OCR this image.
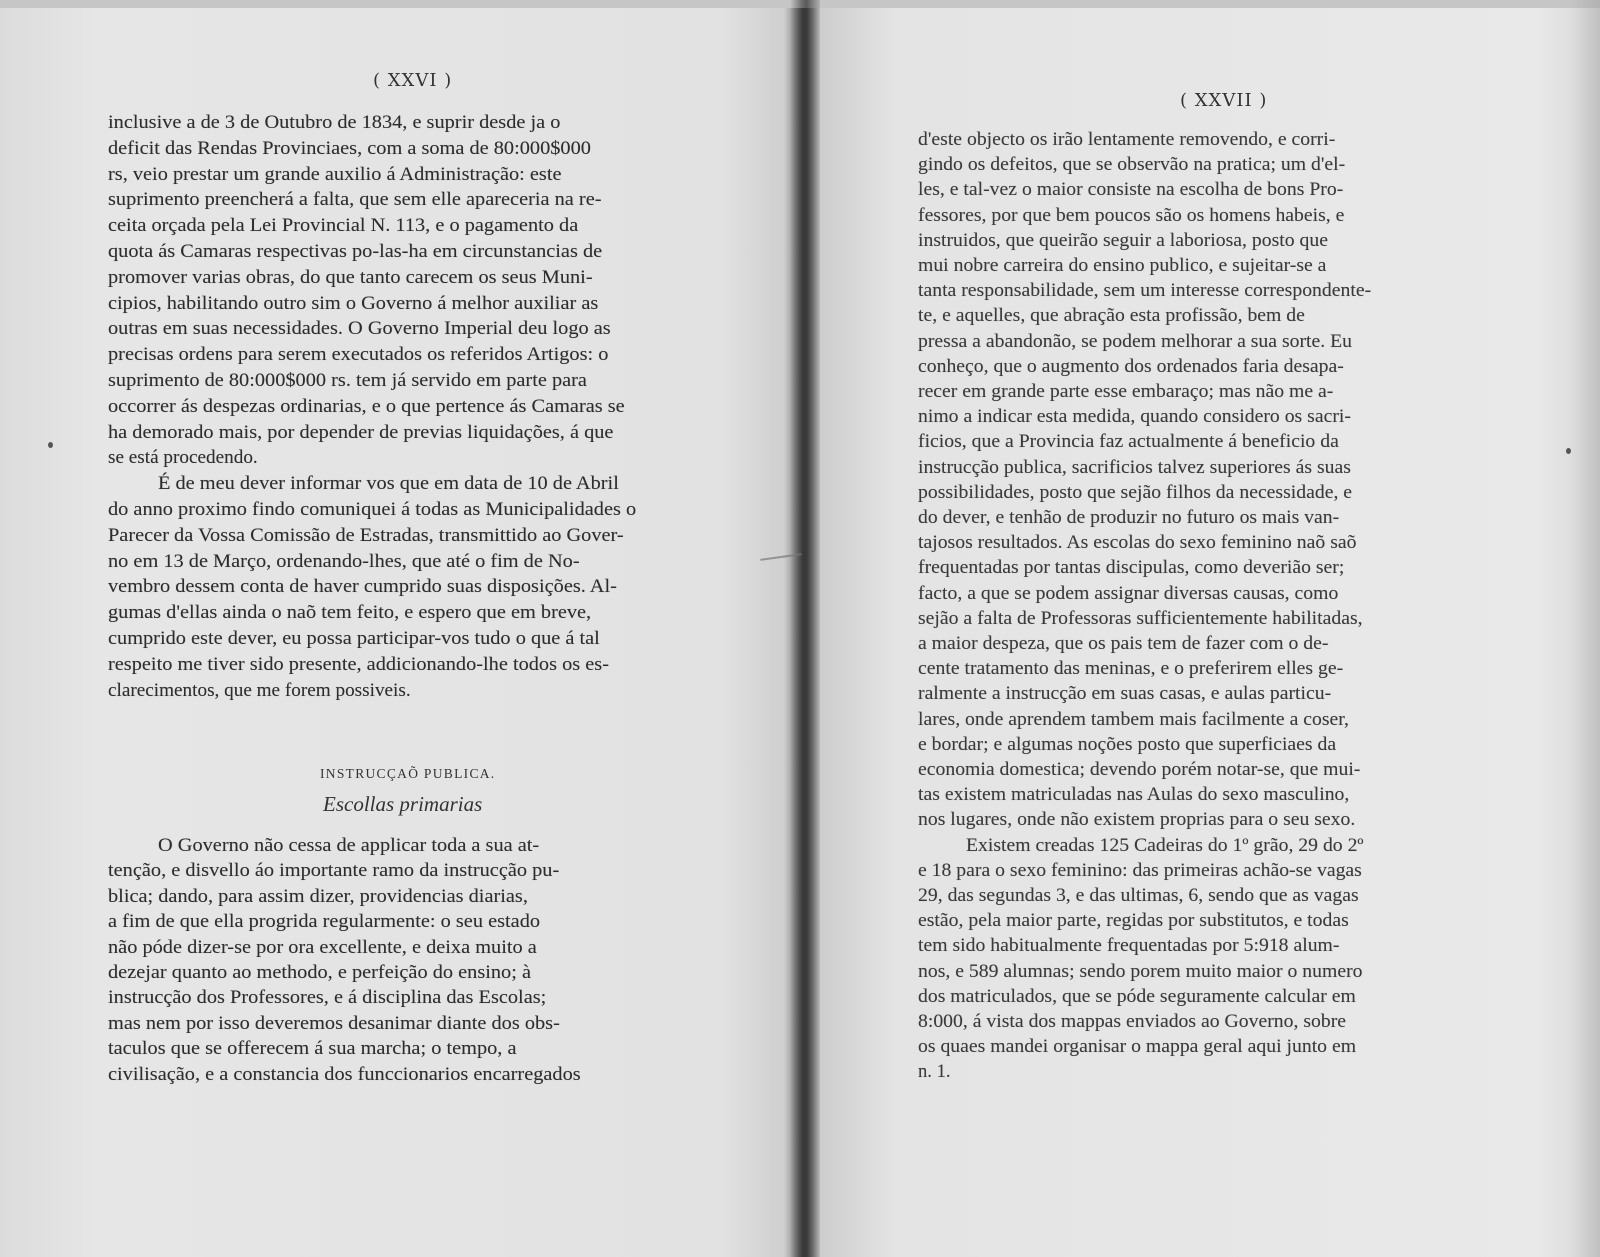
( XXVI )
inclusive a de 3 de Outubro de 1834, e suprir desde ja o
deficit das Rendas Provinciaes, com a soma de 80:000$000
rs, veio prestar um grande auxilio á Administração: este
suprimento preencherá a falta, que sem elle apareceria na re-
ceita orçada pela Lei Provincial N. 113, e o pagamento da
quota ás Camaras respectivas po-las-ha em circunstancias de
promover varias obras, do que tanto carecem os seus Muni-
cipios, habilitando outro sim o Governo á melhor auxiliar as
outras em suas necessidades. O Governo Imperial deu logo as
precisas ordens para serem executados os referidos Artigos: o
suprimento de 80:000$000 rs. tem já servido em parte para
occorrer ás despezas ordinarias, e o que pertence ás Camaras se
ha demorado mais, por depender de previas liquidações, á que
se está procedendo.
É de meu dever informar vos que em data de 10 de Abril
do anno proximo findo comuniquei á todas as Municipalidades o
Parecer da Vossa Comissão de Estradas, transmittido ao Gover-
no em 13 de Março, ordenando-lhes, que até o fim de No-
vembro dessem conta de haver cumprido suas disposições. Al-
gumas d'ellas ainda o naõ tem feito, e espero que em breve,
cumprido este dever, eu possa participar-vos tudo o que á tal
respeito me tiver sido presente, addicionando-lhe todos os es-
clarecimentos, que me forem possiveis.
INSTRUCÇAÕ PUBLICA.
Escollas primarias
O Governo não cessa de applicar toda a sua at-
tenção, e disvello áo importante ramo da instrucção pu-
blica; dando, para assim dizer, providencias diarias,
a fim de que ella progrida regularmente: o seu estado
não póde dizer-se por ora excellente, e deixa muito a
dezejar quanto ao methodo, e perfeição do ensino; à
instrucção dos Professores, e á disciplina das Escolas;
mas nem por isso deveremos desanimar diante dos obs-
taculos que se offerecem á sua marcha; o tempo, a
civilisação, e a constancia dos funccionarios encarregados
( XXVII )
d'este objecto os irão lentamente removendo, e corri-
gindo os defeitos, que se observão na pratica; um d'el-
les, e tal-vez o maior consiste na escolha de bons Pro-
fessores, por que bem poucos são os homens habeis, e
instruidos, que queirão seguir a laboriosa, posto que
mui nobre carreira do ensino publico, e sujeitar-se a
tanta responsabilidade, sem um interesse correspondente-
te, e aquelles, que abração esta profissão, bem de
pressa a abandonão, se podem melhorar a sua sorte. Eu
conheço, que o augmento dos ordenados faria desapa-
recer em grande parte esse embaraço; mas não me a-
nimo a indicar esta medida, quando considero os sacri-
ficios, que a Provincia faz actualmente á beneficio da
instrucção publica, sacrificios talvez superiores ás suas
possibilidades, posto que sejão filhos da necessidade, e
do dever, e tenhão de produzir no futuro os mais van-
tajosos resultados. As escolas do sexo feminino naõ saõ
frequentadas por tantas discipulas, como deverião ser;
facto, a que se podem assignar diversas causas, como
sejão a falta de Professoras sufficientemente habilitadas,
a maior despeza, que os pais tem de fazer com o de-
cente tratamento das meninas, e o preferirem elles ge-
ralmente a instrucção em suas casas, e aulas particu-
lares, onde aprendem tambem mais facilmente a coser,
e bordar; e algumas noções posto que superficiaes da
economia domestica; devendo porém notar-se, que mui-
tas existem matriculadas nas Aulas do sexo masculino,
nos lugares, onde não existem proprias para o seu sexo.
Existem creadas 125 Cadeiras do 1º grão, 29 do 2º
e 18 para o sexo feminino: das primeiras achão-se vagas
29, das segundas 3, e das ultimas, 6, sendo que as vagas
estão, pela maior parte, regidas por substitutos, e todas
tem sido habitualmente frequentadas por 5:918 alum-
nos, e 589 alumnas; sendo porem muito maior o numero
dos matriculados, que se póde seguramente calcular em
8:000, á vista dos mappas enviados ao Governo, sobre
os quaes mandei organisar o mappa geral aqui junto em
n. 1.
